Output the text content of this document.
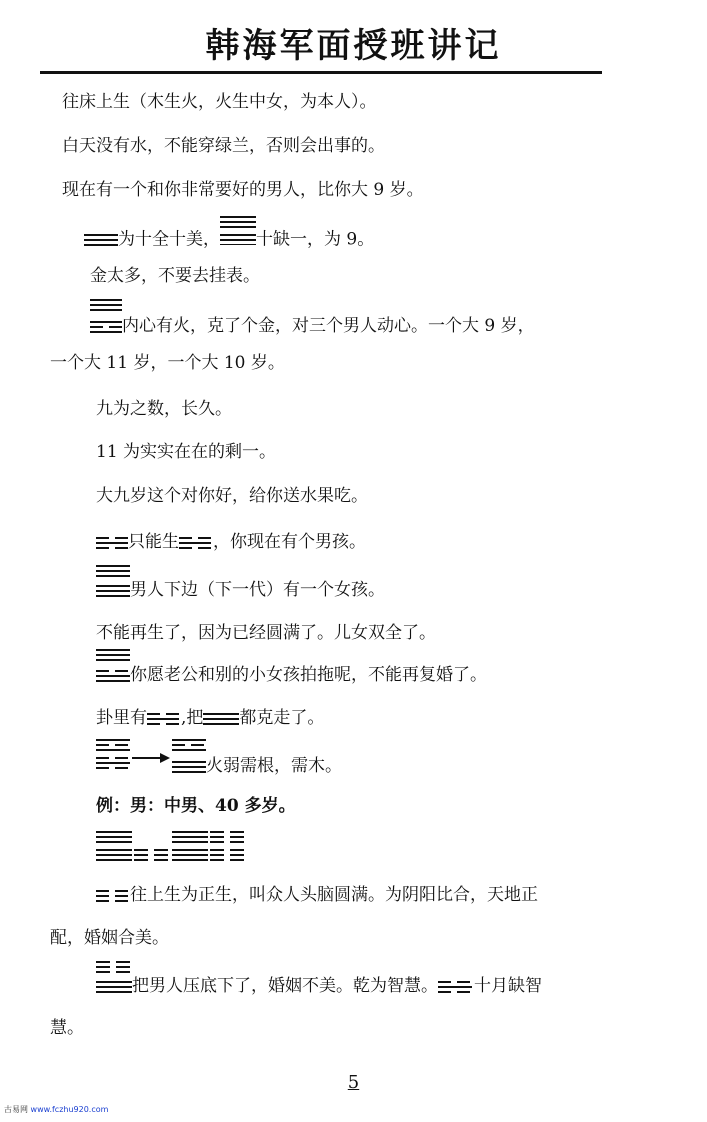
韩海军面授班讲记
往床上生（木生火，火生中女，为本人）。
白天没有水，不能穿绿兰，否则会出事的。
现在有一个和你非常要好的男人，比你大 9 岁。
为十全十美， 十缺一，为 9。
金太多，不要去挂表。
内心有火，克了个金，对三个男人动心。一个大 9 岁，
一个大 11 岁，一个大 10 岁。
九为之数，长久。
11 为实实在在的剩一。
大九岁这个对你好，给你送水果吃。
只能生 ，你现在有个男孩。
男人下边（下一代）有一个女孩。
不能再生了，因为已经圆满了。儿女双全了。
你愿老公和别的小女孩拍拖呢，不能再复婚了。
卦里有 ,把 都克走了。
火弱需根，需木。
例：男：中男、40 多岁。
往上生为正生，叫众人头脑圆满。为阴阳比合，天地正
配，婚姻合美。
把男人压底下了，婚姻不美。乾为智慧。 十月缺智
慧。
5
古易网 www.fczhu920.com
